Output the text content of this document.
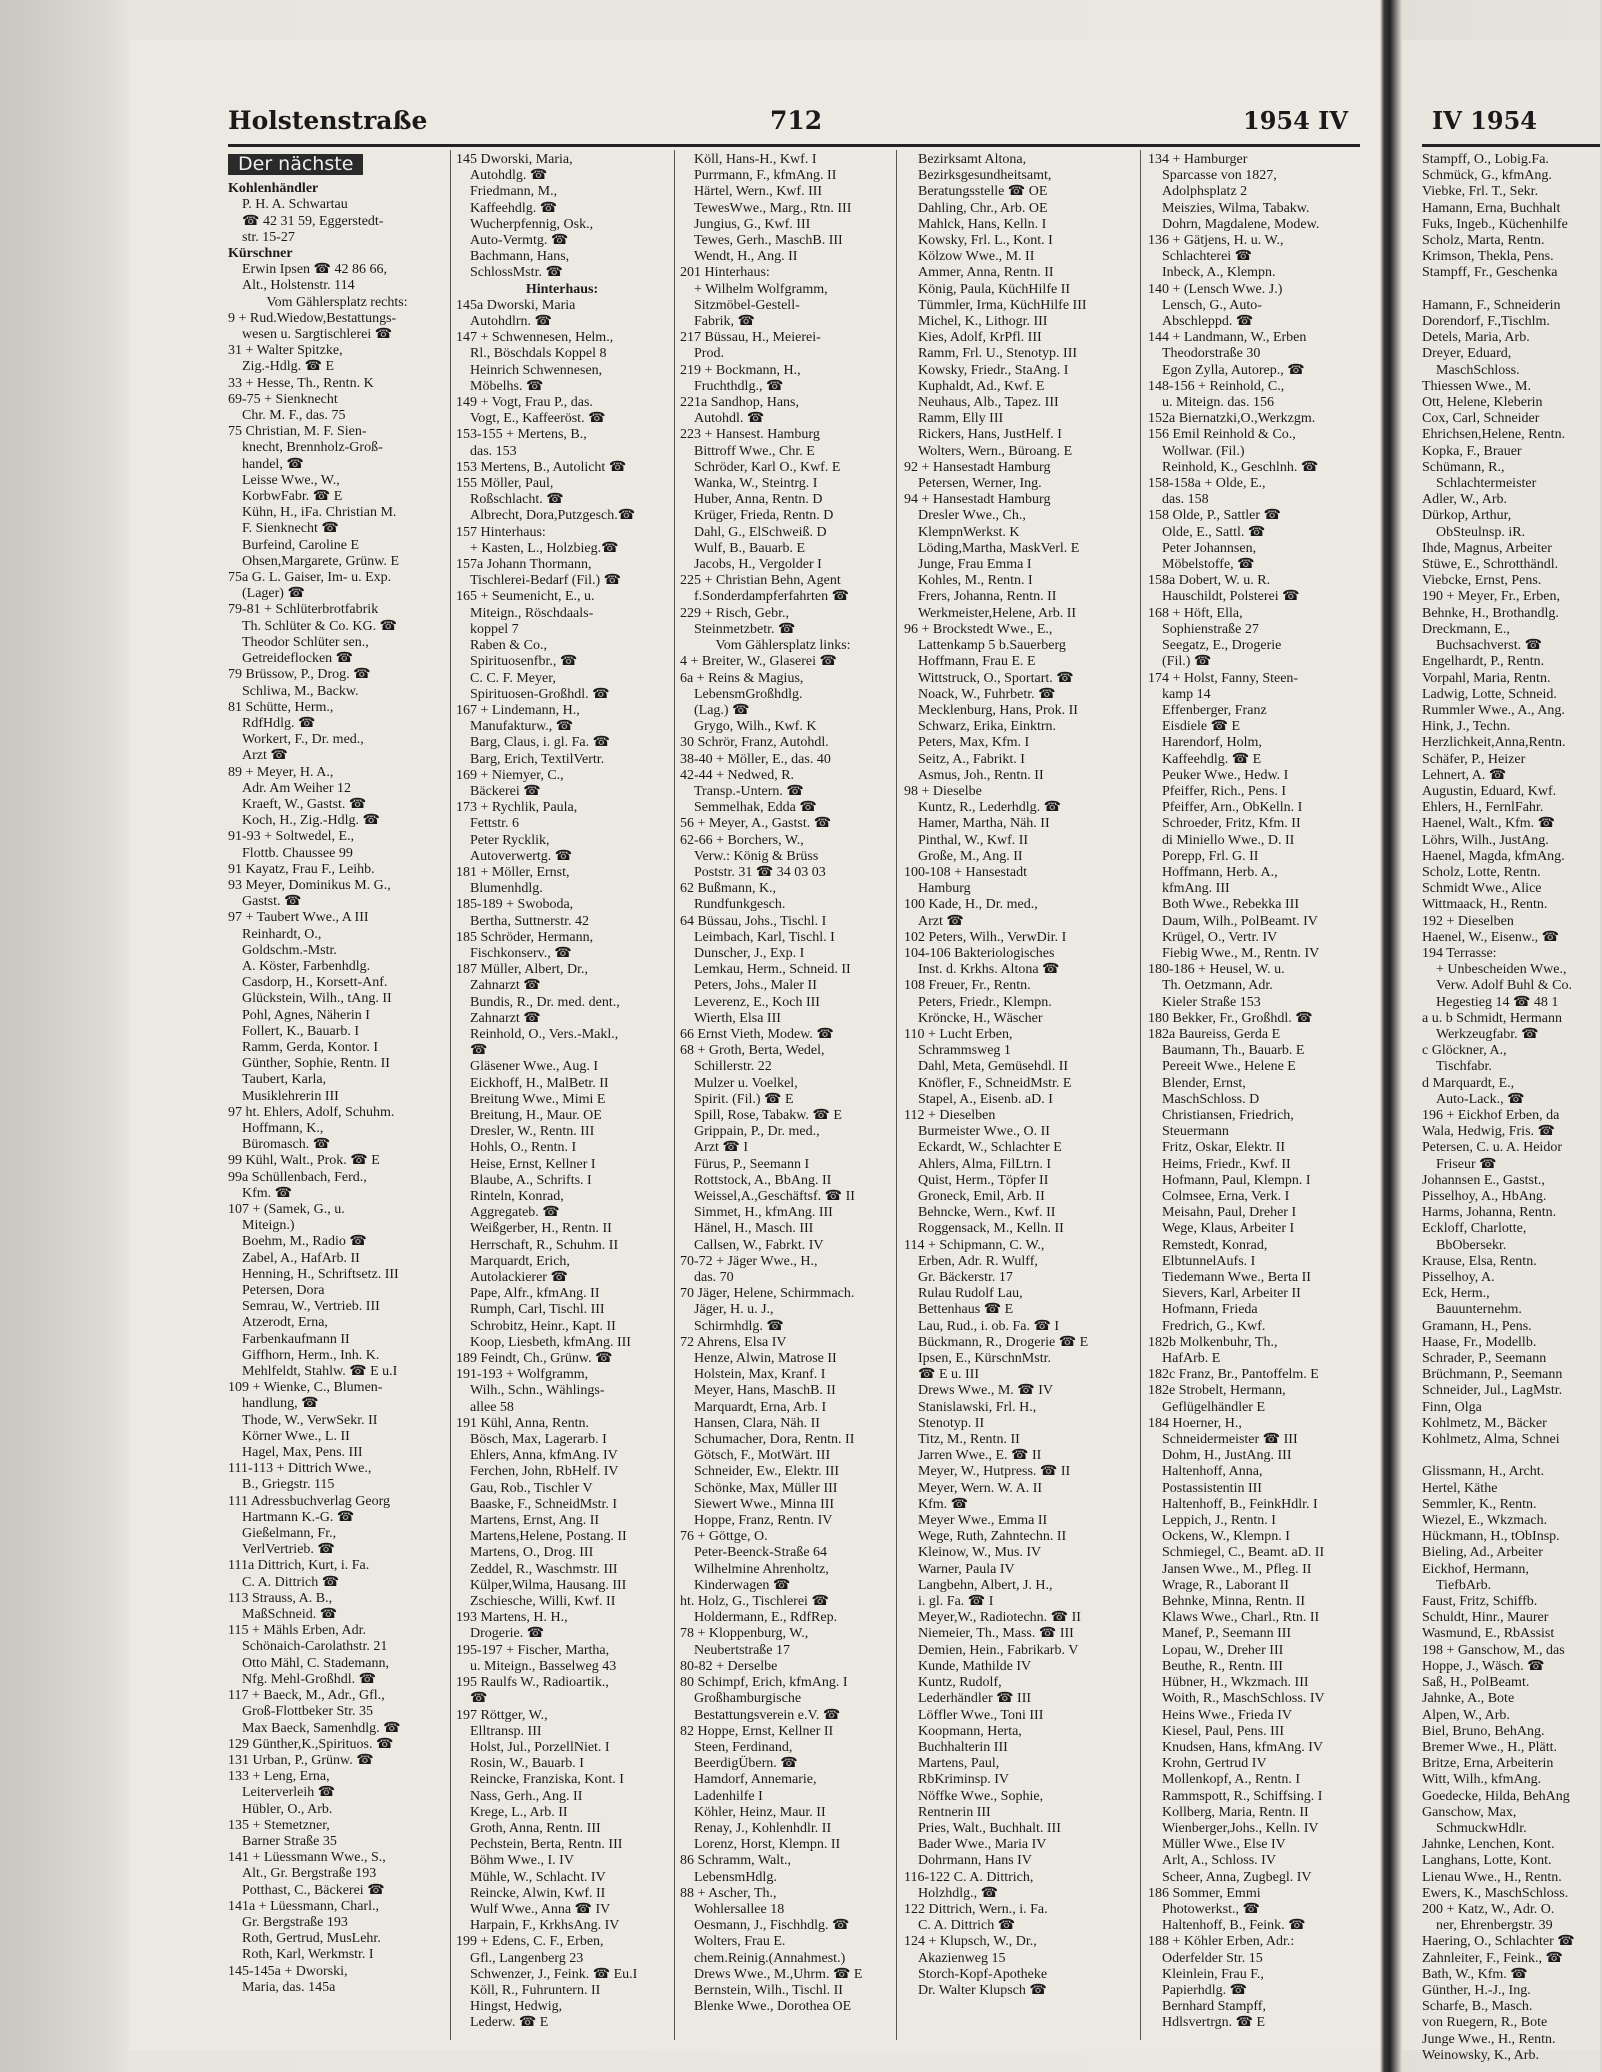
Holstenstraße	712	1954 IV	IV 1954
Der nächste
Kohlenhändler
P. H. A. Schwartau
☎ 42 31 59, Eggerstedt-
str. 15-27
Kürschner
Erwin Ipsen ☎ 42 86 66,
Alt., Holstenstr. 114
Vom Gählersplatz rechts:
9 + Rud.Wiedow,Bestattungs-
wesen u. Sargtischlerei ☎
31 + Walter Spitzke,
Zig.-Hdlg. ☎ E
33 + Hesse, Th., Rentn. K
69-75 + Sienknecht
Chr. M. F., das. 75
75 Christian, M. F. Sien-
knecht, Brennholz-Groß-
handel, ☎
Leisse Wwe., W.,
KorbwFabr. ☎ E
Kühn, H., iFa. Christian M.
F. Sienknecht ☎
Burfeind, Caroline E
Ohsen,Margarete, Grünw. E
75a G. L. Gaiser, Im- u. Exp.
(Lager) ☎
79-81 + Schlüterbrotfabrik
Th. Schlüter & Co. KG. ☎
Theodor Schlüter sen.,
Getreideflocken ☎
79 Brüssow, P., Drog. ☎
Schliwa, M., Backw.
81 Schütte, Herm.,
RdfHdlg. ☎
Workert, F., Dr. med.,
Arzt ☎
89 + Meyer, H. A.,
Adr. Am Weiher 12
Kraeft, W., Gastst. ☎
Koch, H., Zig.-Hdlg. ☎
91-93 + Soltwedel, E.,
Flottb. Chaussee 99
91 Kayatz, Frau F., Leihb.
93 Meyer, Dominikus M. G.,
Gastst. ☎
97 + Taubert Wwe., A III
Reinhardt, O.,
Goldschm.-Mstr.
A. Köster, Farbenhdlg.
Casdorp, H., Korsett-Anf.
Glückstein, Wilh., tAng. II
Pohl, Agnes, Näherin I
Follert, K., Bauarb. I
Ramm, Gerda, Kontor. I
Günther, Sophie, Rentn. II
Taubert, Karla,
Musiklehrerin III
97 ht. Ehlers, Adolf, Schuhm.
Hoffmann, K.,
Büromasch. ☎
99 Kühl, Walt., Prok. ☎ E
99a Schüllenbach, Ferd.,
Kfm. ☎
107 + (Samek, G., u.
Miteign.)
Boehm, M., Radio ☎
Zabel, A., HafArb. II
Henning, H., Schriftsetz. III
Petersen, Dora
Semrau, W., Vertrieb. III
Atzerodt, Erna,
Farbenkaufmann II
Giffhorn, Herm., Inh. K.
Mehlfeldt, Stahlw. ☎ E u.I
109 + Wienke, C., Blumen-
handlung, ☎
Thode, W., VerwSekr. II
Körner Wwe., L. II
Hagel, Max, Pens. III
111-113 + Dittrich Wwe.,
B., Griegstr. 115
111 Adressbuchverlag Georg
Hartmann K.-G. ☎
Gießelmann, Fr.,
VerlVertrieb. ☎
111a Dittrich, Kurt, i. Fa.
C. A. Dittrich ☎
113 Strauss, A. B.,
MaßSchneid. ☎
115 + Mähls Erben, Adr.
Schönaich-Carolathstr. 21
Otto Mähl, C. Stademann,
Nfg. Mehl-Großhdl. ☎
117 + Baeck, M., Adr., Gfl.,
Groß-Flottbeker Str. 35
Max Baeck, Samenhdlg. ☎
129 Günther,K.,Spirituos. ☎
131 Urban, P., Grünw. ☎
133 + Leng, Erna,
Leiterverleih ☎
Hübler, O., Arb.
135 + Stemetzner,
Barner Straße 35
141 + Lüessmann Wwe., S.,
Alt., Gr. Bergstraße 193
Potthast, C., Bäckerei ☎
141a + Lüessmann, Charl.,
Gr. Bergstraße 193
Roth, Gertrud, MusLehr.
Roth, Karl, Werkmstr. I
145-145a + Dworski,
Maria, das. 145a
145 Dworski, Maria,
Autohdlg. ☎
Friedmann, M.,
Kaffeehdlg. ☎
Wucherpfennig, Osk.,
Auto-Vermtg. ☎
Bachmann, Hans,
SchlossMstr. ☎
Hinterhaus:
145a Dworski, Maria
Autohdlrn. ☎
147 + Schwennesen, Helm.,
Rl., Böschdals Koppel 8
Heinrich Schwennesen,
Möbelhs. ☎
149 + Vogt, Frau P., das.
Vogt, E., Kaffeeröst. ☎
153-155 + Mertens, B.,
das. 153
153 Mertens, B., Autolicht ☎
155 Möller, Paul,
Roßschlacht. ☎
Albrecht, Dora,Putzgesch.☎
157 Hinterhaus:
+ Kasten, L., Holzbieg.☎
157a Johann Thormann,
Tischlerei-Bedarf (Fil.) ☎
165 + Seumenicht, E., u.
Miteign., Röschdaals-
koppel 7
Raben & Co.,
Spirituosenfbr., ☎
C. C. F. Meyer,
Spirituosen-Großhdl. ☎
167 + Lindemann, H.,
Manufakturw., ☎
Barg, Claus, i. gl. Fa. ☎
Barg, Erich, TextilVertr.
169 + Niemyer, C.,
Bäckerei ☎
173 + Rychlik, Paula,
Fettstr. 6
Peter Rycklik,
Autoverwertg. ☎
181 + Möller, Ernst,
Blumenhdlg.
185-189 + Swoboda,
Bertha, Suttnerstr. 42
185 Schröder, Hermann,
Fischkonserv., ☎
187 Müller, Albert, Dr.,
Zahnarzt ☎
Bundis, R., Dr. med. dent.,
Zahnarzt ☎
Reinhold, O., Vers.-Makl.,
☎
Gläsener Wwe., Aug. I
Eickhoff, H., MalBetr. II
Breitung Wwe., Mimi E
Breitung, H., Maur. OE
Dresler, W., Rentn. III
Hohls, O., Rentn. I
Heise, Ernst, Kellner I
Blaube, A., Schrifts. I
Rinteln, Konrad,
Aggregateb. ☎
Weißgerber, H., Rentn. II
Herrschaft, R., Schuhm. II
Marquardt, Erich,
Autolackierer ☎
Pape, Alfr., kfmAng. II
Rumph, Carl, Tischl. III
Schrobitz, Heinr., Kapt. II
Koop, Liesbeth, kfmAng. III
189 Feindt, Ch., Grünw. ☎
191-193 + Wolfgramm,
Wilh., Schn., Wählings-
allee 58
191 Kühl, Anna, Rentn.
Bösch, Max, Lagerarb. I
Ehlers, Anna, kfmAng. IV
Ferchen, John, RbHelf. IV
Gau, Rob., Tischler V
Baaske, F., SchneidMstr. I
Martens, Ernst, Ang. II
Martens,Helene, Postang. II
Martens, O., Drog. III
Zeddel, R., Waschmstr. III
Külper,Wilma, Hausang. III
Zschiesche, Willi, Kwf. II
193 Martens, H. H.,
Drogerie. ☎
195-197 + Fischer, Martha,
u. Miteign., Basselweg 43
195 Raulfs W., Radioartik.,
☎
197 Röttger, W.,
Elltransp. III
Holst, Jul., PorzellNiet. I
Rosin, W., Bauarb. I
Reincke, Franziska, Kont. I
Nass, Gerh., Ang. II
Krege, L., Arb. II
Groth, Anna, Rentn. III
Pechstein, Berta, Rentn. III
Böhm Wwe., I. IV
Mühle, W., Schlacht. IV
Reincke, Alwin, Kwf. II
Wulf Wwe., Anna ☎ IV
Harpain, F., KrkhsAng. IV
199 + Edens, C. F., Erben,
Gfl., Langenberg 23
Schwenzer, J., Feink. ☎ Eu.I
Köll, R., Fuhruntern. II
Hingst, Hedwig,
Lederw. ☎ E
Köll, Hans-H., Kwf. I
Purrmann, F., kfmAng. II
Härtel, Wern., Kwf. III
TewesWwe., Marg., Rtn. III
Jungius, G., Kwf. III
Tewes, Gerh., MaschB. III
Wendt, H., Ang. II
201 Hinterhaus:
+ Wilhelm Wolfgramm,
Sitzmöbel-Gestell-
Fabrik, ☎
217 Büssau, H., Meierei-
Prod.
219 + Bockmann, H.,
Fruchthdlg., ☎
221a Sandhop, Hans,
Autohdl. ☎
223 + Hansest. Hamburg
Bittroff Wwe., Chr. E
Schröder, Karl O., Kwf. E
Wanka, W., Steintrg. I
Huber, Anna, Rentn. D
Krüger, Frieda, Rentn. D
Dahl, G., ElSchweiß. D
Wulf, B., Bauarb. E
Jacobs, H., Vergolder I
225 + Christian Behn, Agent
f.Sonderdampferfahrten ☎
229 + Risch, Gebr.,
Steinmetzbetr. ☎
Vom Gählersplatz links:
4 + Breiter, W., Glaserei ☎
6a + Reins & Magius,
LebensmGroßhdlg.
(Lag.) ☎
Grygo, Wilh., Kwf. K
30 Schrör, Franz, Autohdl.
38-40 + Möller, E., das. 40
42-44 + Nedwed, R.
Transp.-Untern. ☎
Semmelhak, Edda ☎
56 + Meyer, A., Gastst. ☎
62-66 + Borchers, W.,
Verw.: König & Brüss
Poststr. 31 ☎ 34 03 03
62 Bußmann, K.,
Rundfunkgesch.
64 Büssau, Johs., Tischl. I
Leimbach, Karl, Tischl. I
Dunscher, J., Exp. I
Lemkau, Herm., Schneid. II
Peters, Johs., Maler II
Leverenz, E., Koch III
Wierth, Elsa III
66 Ernst Vieth, Modew. ☎
68 + Groth, Berta, Wedel,
Schillerstr. 22
Mulzer u. Voelkel,
Spirit. (Fil.) ☎ E
Spill, Rose, Tabakw. ☎ E
Grippain, P., Dr. med.,
Arzt ☎ I
Fürus, P., Seemann I
Rottstock, A., BbAng. II
Weissel,A.,Geschäftsf. ☎ II
Simmet, H., kfmAng. III
Hänel, H., Masch. III
Callsen, W., Fabrkt. IV
70-72 + Jäger Wwe., H.,
das. 70
70 Jäger, Helene, Schirmmach.
Jäger, H. u. J.,
Schirmhdlg. ☎
72 Ahrens, Elsa IV
Henze, Alwin, Matrose II
Holstein, Max, Kranf. I
Meyer, Hans, MaschB. II
Marquardt, Erna, Arb. I
Hansen, Clara, Näh. II
Schumacher, Dora, Rentn. II
Götsch, F., MotWärt. III
Schneider, Ew., Elektr. III
Schönke, Max, Müller III
Siewert Wwe., Minna III
Hoppe, Franz, Rentn. IV
76 + Göttge, O.
Peter-Beenck-Straße 64
Wilhelmine Ahrenholtz,
Kinderwagen ☎
ht. Holz, G., Tischlerei ☎
Holdermann, E., RdfRep.
78 + Kloppenburg, W.,
Neubertstraße 17
80-82 + Derselbe
80 Schimpf, Erich, kfmAng. I
Großhamburgische
Bestattungsverein e.V. ☎
82 Hoppe, Ernst, Kellner II
Steen, Ferdinand,
BeerdigÜbern. ☎
Hamdorf, Annemarie,
Ladenhilfe I
Köhler, Heinz, Maur. II
Renay, J., Kohlenhdlr. II
Lorenz, Horst, Klempn. II
86 Schramm, Walt.,
LebensmHdlg.
88 + Ascher, Th.,
Wohlersallee 18
Oesmann, J., Fischhdlg. ☎
Wolters, Frau E.
chem.Reinig.(Annahmest.)
Drews Wwe., M.,Uhrm. ☎ E
Bernstein, Wilh., Tischl. II
Blenke Wwe., Dorothea OE
Bezirksamt Altona,
Bezirksgesundheitsamt,
Beratungsstelle ☎ OE
Dahling, Chr., Arb. OE
Mahlck, Hans, Kelln. I
Kowsky, Frl. L., Kont. I
Kölzow Wwe., M. II
Ammer, Anna, Rentn. II
König, Paula, KüchHilfe II
Tümmler, Irma, KüchHilfe III
Michel, K., Lithogr. III
Kies, Adolf, KrPfl. III
Ramm, Frl. U., Stenotyp. III
Kowsky, Friedr., StaAng. I
Kuphaldt, Ad., Kwf. E
Neuhaus, Alb., Tapez. III
Ramm, Elly III
Rickers, Hans, JustHelf. I
Wolters, Wern., Büroang. E
92 + Hansestadt Hamburg
Petersen, Werner, Ing.
94 + Hansestadt Hamburg
Dresler Wwe., Ch.,
KlempnWerkst. K
Löding,Martha, MaskVerl. E
Junge, Frau Emma I
Kohles, M., Rentn. I
Frers, Johanna, Rentn. II
Werkmeister,Helene, Arb. II
96 + Brockstedt Wwe., E.,
Lattenkamp 5 b.Sauerberg
Hoffmann, Frau E. E
Wittstruck, O., Sportart. ☎
Noack, W., Fuhrbetr. ☎
Mecklenburg, Hans, Prok. II
Schwarz, Erika, Einktrn.
Peters, Max, Kfm. I
Seitz, A., Fabrikt. I
Asmus, Joh., Rentn. II
98 + Dieselbe
Kuntz, R., Lederhdlg. ☎
Hamer, Martha, Näh. II
Pinthal, W., Kwf. II
Große, M., Ang. II
100-108 + Hansestadt
Hamburg
100 Kade, H., Dr. med.,
Arzt ☎
102 Peters, Wilh., VerwDir. I
104-106 Bakteriologisches
Inst. d. Krkhs. Altona ☎
108 Freuer, Fr., Rentn.
Peters, Friedr., Klempn.
Kröncke, H., Wäscher
110 + Lucht Erben,
Schrammsweg 1
Dahl, Meta, Gemüsehdl. II
Knöfler, F., SchneidMstr. E
Stapel, A., Eisenb. aD. I
112 + Dieselben
Burmeister Wwe., O. II
Eckardt, W., Schlachter E
Ahlers, Alma, FilLtrn. I
Quist, Herm., Töpfer II
Groneck, Emil, Arb. II
Behncke, Wern., Kwf. II
Roggensack, M., Kelln. II
114 + Schipmann, C. W.,
Erben, Adr. R. Wulff,
Gr. Bäckerstr. 17
Rulau Rudolf Lau,
Bettenhaus ☎ E
Lau, Rud., i. ob. Fa. ☎ I
Bückmann, R., Drogerie ☎ E
Ipsen, E., KürschnMstr.
☎ E u. III
Drews Wwe., M. ☎ IV
Stanislawski, Frl. H.,
Stenotyp. II
Titz, M., Rentn. II
Jarren Wwe., E. ☎ II
Meyer, W., Hutpress. ☎ II
Meyer, Wern. W. A. II
Kfm. ☎
Meyer Wwe., Emma II
Wege, Ruth, Zahntechn. II
Kleinow, W., Mus. IV
Warner, Paula IV
Langbehn, Albert, J. H.,
i. gl. Fa. ☎ I
Meyer,W., Radiotechn. ☎ II
Niemeier, Th., Mass. ☎ III
Demien, Hein., Fabrikarb. V
Kunde, Mathilde IV
Kuntz, Rudolf,
Lederhändler ☎ III
Löffler Wwe., Toni III
Koopmann, Herta,
Buchhalterin III
Martens, Paul,
RbKriminsp. IV
Nöffke Wwe., Sophie,
Rentnerin III
Pries, Walt., Buchhalt. III
Bader Wwe., Maria IV
Dohrmann, Hans IV
116-122 C. A. Dittrich,
Holzhdlg., ☎
122 Dittrich, Wern., i. Fa.
C. A. Dittrich ☎
124 + Klupsch, W., Dr.,
Akazienweg 15
Storch-Kopf-Apotheke
Dr. Walter Klupsch ☎
134 + Hamburger
Sparcasse von 1827,
Adolphsplatz 2
Meiszies, Wilma, Tabakw.
Dohrn, Magdalene, Modew.
136 + Gätjens, H. u. W.,
Schlachterei ☎
Inbeck, A., Klempn.
140 + (Lensch Wwe. J.)
Lensch, G., Auto-
Abschleppd. ☎
144 + Landmann, W., Erben
Theodorstraße 30
Egon Zylla, Autorep., ☎
148-156 + Reinhold, C.,
u. Miteign. das. 156
152a Biernatzki,O.,Werkzgm.
156 Emil Reinhold & Co.,
Wollwar. (Fil.)
Reinhold, K., Geschlnh. ☎
158-158a + Olde, E.,
das. 158
158 Olde, P., Sattler ☎
Olde, E., Sattl. ☎
Peter Johannsen,
Möbelstoffe, ☎
158a Dobert, W. u. R.
Hauschildt, Polsterei ☎
168 + Höft, Ella,
Sophienstraße 27
Seegatz, E., Drogerie
(Fil.) ☎
174 + Holst, Fanny, Steen-
kamp 14
Effenberger, Franz
Eisdiele ☎ E
Harendorf, Holm,
Kaffeehdlg. ☎ E
Peuker Wwe., Hedw. I
Pfeiffer, Rich., Pens. I
Pfeiffer, Arn., ObKelln. I
Schroeder, Fritz, Kfm. II
di Miniello Wwe., D. II
Porepp, Frl. G. II
Hoffmann, Herb. A.,
kfmAng. III
Both Wwe., Rebekka III
Daum, Wilh., PolBeamt. IV
Krügel, O., Vertr. IV
Fiebig Wwe., M., Rentn. IV
180-186 + Heusel, W. u.
Th. Oetzmann, Adr.
Kieler Straße 153
180 Bekker, Fr., Großhdl. ☎
182a Baureiss, Gerda E
Baumann, Th., Bauarb. E
Pereeit Wwe., Helene E
Blender, Ernst,
MaschSchloss. D
Christiansen, Friedrich,
Steuermann
Fritz, Oskar, Elektr. II
Heims, Friedr., Kwf. II
Hofmann, Paul, Klempn. I
Colmsee, Erna, Verk. I
Meisahn, Paul, Dreher I
Wege, Klaus, Arbeiter I
Remstedt, Konrad,
ElbtunnelAufs. I
Tiedemann Wwe., Berta II
Sievers, Karl, Arbeiter II
Hofmann, Frieda
Fredrich, G., Kwf.
182b Molkenbuhr, Th.,
HafArb. E
182c Franz, Br., Pantoffelm. E
182e Strobelt, Hermann,
Geflügelhändler E
184 Hoerner, H.,
Schneidermeister ☎ III
Dohm, H., JustAng. III
Haltenhoff, Anna,
Postassistentin III
Haltenhoff, B., FeinkHdlr. I
Leppich, J., Rentn. I
Ockens, W., Klempn. I
Schmiegel, C., Beamt. aD. II
Jansen Wwe., M., Pfleg. II
Wrage, R., Laborant II
Behnke, Minna, Rentn. II
Klaws Wwe., Charl., Rtn. II
Manef, P., Seemann III
Lopau, W., Dreher III
Beuthe, R., Rentn. III
Hübner, H., Wkzmach. III
Woith, R., MaschSchloss. IV
Heins Wwe., Frieda IV
Kiesel, Paul, Pens. III
Knudsen, Hans, kfmAng. IV
Krohn, Gertrud IV
Mollenkopf, A., Rentn. I
Rammspott, R., Schiffsing. I
Kollberg, Maria, Rentn. II
Wienberger,Johs., Kelln. IV
Müller Wwe., Else IV
Arlt, A., Schloss. IV
Scheer, Anna, Zugbegl. IV
186 Sommer, Emmi
Photowerkst., ☎
Haltenhoff, B., Feink. ☎
188 + Köhler Erben, Adr.:
Oderfelder Str. 15
Kleinlein, Frau F.,
Papierhdlg. ☎
Bernhard Stampff,
Hdlsvertrgn. ☎ E
Stampff, O., Lobig.Fa.
Schmück, G., kfmAng.
Viebke, Frl. T., Sekr.
Hamann, Erna, Buchhalt
Fuks, Ingeb., Küchenhilfe
Scholz, Marta, Rentn.
Krimson, Thekla, Pens.
Stampff, Fr., Geschenka

Hamann, F., Schneiderin
Dorendorf, F.,Tischlm.
Detels, Maria, Arb.
Dreyer, Eduard,
MaschSchloss.
Thiessen Wwe., M.
Ott, Helene, Kleberin
Cox, Carl, Schneider
Ehrichsen,Helene, Rentn.
Kopka, F., Brauer
Schümann, R.,
Schlachtermeister
Adler, W., Arb.
Dürkop, Arthur,
ObSteulnsp. iR.
Ihde, Magnus, Arbeiter
Stüwe, E., Schrotthändl.
Viebcke, Ernst, Pens.
190 + Meyer, Fr., Erben,
Behnke, H., Brothandlg.
Dreckmann, E.,
Buchsachverst. ☎
Engelhardt, P., Rentn.
Vorpahl, Maria, Rentn.
Ladwig, Lotte, Schneid.
Rummler Wwe., A., Ang.
Hink, J., Techn.
Herzlichkeit,Anna,Rentn.
Schäfer, P., Heizer
Lehnert, A. ☎
Augustin, Eduard, Kwf.
Ehlers, H., FernlFahr.
Haenel, Walt., Kfm. ☎
Löhrs, Wilh., JustAng.
Haenel, Magda, kfmAng.
Scholz, Lotte, Rentn.
Schmidt Wwe., Alice
Wittmaack, H., Rentn.
192 + Dieselben
Haenel, W., Eisenw., ☎
194 Terrasse:
+ Unbescheiden Wwe.,
Verw. Adolf Buhl & Co.
Hegestieg 14 ☎ 48 1
a u. b Schmidt, Hermann
Werkzeugfabr. ☎
c Glöckner, A.,
Tischfabr.
d Marquardt, E.,
Auto-Lack., ☎
196 + Eickhof Erben, da
Wala, Hedwig, Fris. ☎
Petersen, C. u. A. Heidor
Friseur ☎
Johannsen E., Gastst.,
Pisselhoy, A., HbAng.
Harms, Johanna, Rentn.
Eckloff, Charlotte,
BbObersekr.
Krause, Elsa, Rentn.
Pisselhoy, A.
Eck, Herm.,
Bauunternehm.
Gramann, H., Pens.
Haase, Fr., Modellb.
Schrader, P., Seemann
Brüchmann, P., Seemann
Schneider, Jul., LagMstr.
Finn, Olga
Kohlmetz, M., Bäcker
Kohlmetz, Alma, Schnei

Glissmann, H., Archt.
Hertel, Käthe
Semmler, K., Rentn.
Wiezel, E., Wkzmach.
Hückmann, H., tObInsp.
Bieling, Ad., Arbeiter
Eickhof, Hermann,
TiefbArb.
Faust, Fritz, Schiffb.
Schuldt, Hinr., Maurer
Wasmund, E., RbAssist
198 + Ganschow, M., das
Hoppe, J., Wäsch. ☎
Saß, H., PolBeamt.
Jahnke, A., Bote
Alpen, W., Arb.
Biel, Bruno, BehAng.
Bremer Wwe., H., Plätt.
Britze, Erna, Arbeiterin
Witt, Wilh., kfmAng.
Goedecke, Hilda, BehAng
Ganschow, Max,
SchmuckwHdlr.
Jahnke, Lenchen, Kont.
Langhans, Lotte, Kont.
Lienau Wwe., H., Rentn.
Ewers, K., MaschSchloss.
200 + Katz, W., Adr. O.
ner, Ehrenbergstr. 39
Haering, O., Schlachter ☎
Zahnleiter, F., Feink., ☎
Bath, W., Kfm. ☎
Günther, H.-J., Ing.
Scharfe, B., Masch.
von Ruegern, R., Bote
Junge Wwe., H., Rentn.
Weinowsky, K., Arb.
